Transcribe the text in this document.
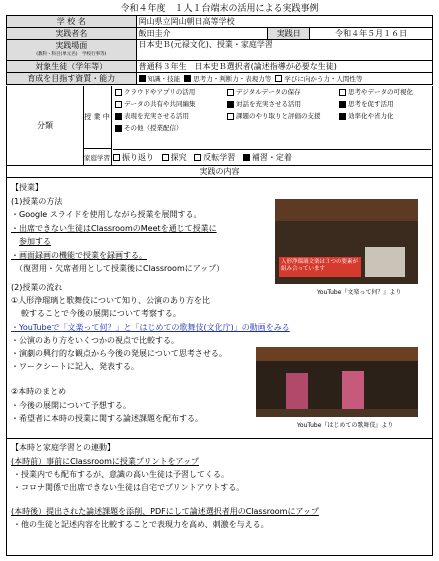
令和４年度　１人１台端末の活用による実践事例
学 校 名	岡山県立岡山朝日高等学校		
実践者名	飯田圭介	実践日	令和４年５月１６日

実践場面
(教科・科目(単元名)　学校行事等)	日本史Ｂ(元禄文化)、授業・家庭学習		
対象生徒（学年等）	普通科３年生　日本史Ｂ選択者(論述指導が必要な生徒)		
育成を目指す資質・能力	知識・技能 思考力・判断力・表現力等 学びに向かう力・人間性等		
分類
授 業 中
クラウドやアプリの活用	デジタルデータの保存	思考やデータの可視化
データの共有や共同編集	対話を充実させる活用	思考を促す活用
表現を充実させる活用	課題のやり取りと評価の支援	効率化や省力化
その他（授業配信）
家庭学習	振り返り 探究 反転学習 補習・定着
実践の内容
【授業】
(1)授業の方法
・Google スライドを使用しながら授業を展開する。
・出席できない生徒はClassroomのMeetを通じて授業に
参加する
・画面録画の機能で授業を録画する。
（復習用・欠席者用として授業後にClassroomにアップ）
人形浄瑠璃文楽は３つの要素が組み合っています
YouTube『文楽って何？』より
(2)授業の流れ
①人形浄瑠璃と歌舞伎について知り、公演のあり方を比
較することで今後の展開について考察する。
・YouTubeで「文楽って何？」と「はじめての歌舞伎(文化庁)」の動画をみる
・公演のあり方をいくつかの視点で比較する。
・演劇の興行的な観点から今後の発展について思考させる。
・ワークシートに記入、発表する。
YouTube『はじめての歌舞伎』より
②本時のまとめ
・今後の展開について予想する。
・希望者に本時の授業に関する論述課題を配布する。
【本時と家庭学習との連動】
(本時前）事前にClassroomに授業プリントをアップ
・授業内でも配布するが、意識の高い生徒は予習してくる。
・コロナ関係で出席できない生徒は自宅でプリントアウトする。
(本時後）提出された論述課題を添削、PDFにして論述選択者用のClassroomにアップ
・他の生徒と記述内容を比較することで表現力を高め、刺激を与える。
